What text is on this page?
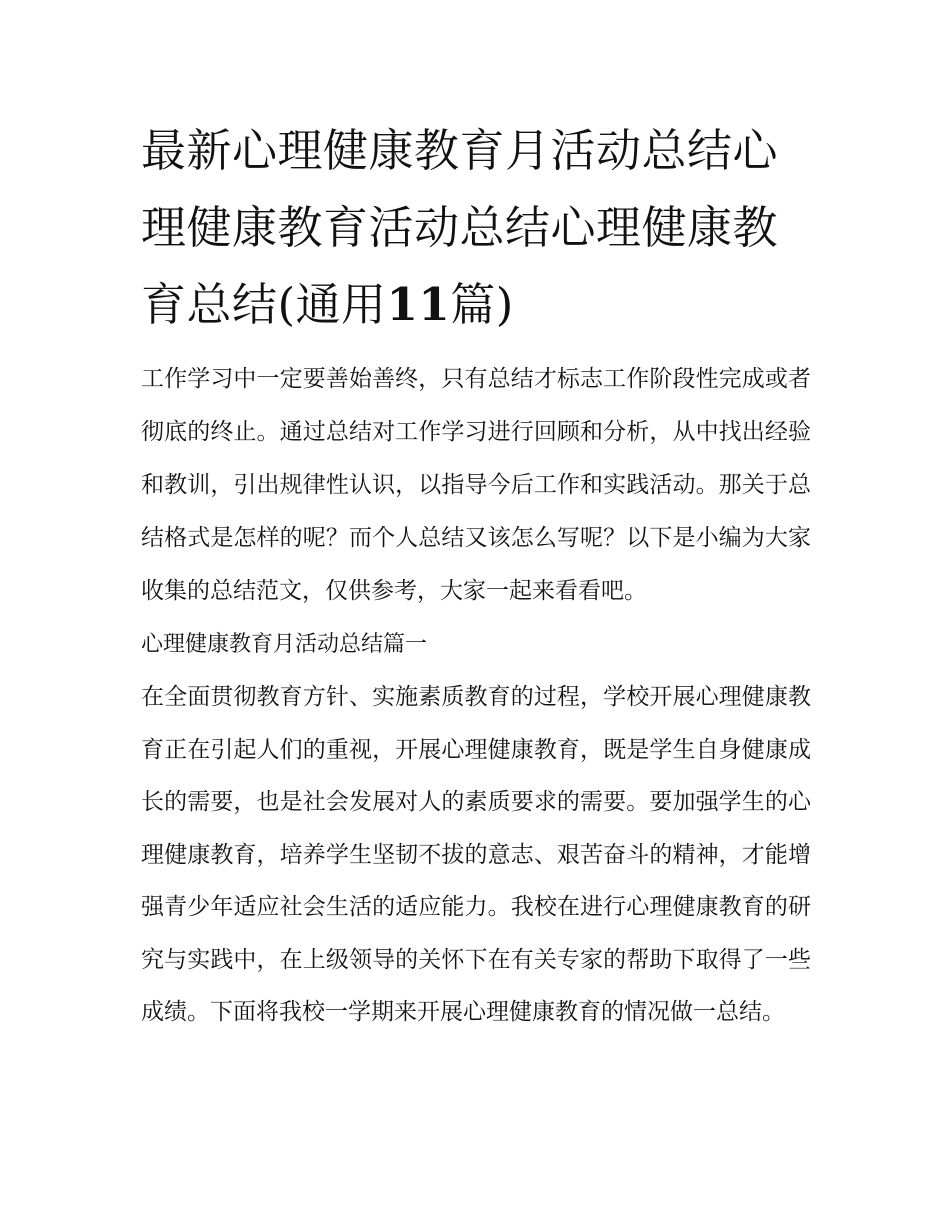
最新心理健康教育月活动总结心理健康教育活动总结心理健康教育总结(通用11篇)

工作学习中一定要善始善终，只有总结才标志工作阶段性完成或者彻底的终止。通过总结对工作学习进行回顾和分析，从中找出经验和教训，引出规律性认识，以指导今后工作和实践活动。那关于总结格式是怎样的呢？而个人总结又该怎么写呢？以下是小编为大家收集的总结范文，仅供参考，大家一起来看看吧。

心理健康教育月活动总结篇一

在全面贯彻教育方针、实施素质教育的过程，学校开展心理健康教育正在引起人们的重视，开展心理健康教育，既是学生自身健康成长的需要，也是社会发展对人的素质要求的需要。要加强学生的心理健康教育，培养学生坚韧不拔的意志、艰苦奋斗的精神，才能增强青少年适应社会生活的适应能力。我校在进行心理健康教育的研究与实践中，在上级领导的关怀下在有关专家的帮助下取得了一些成绩。下面将我校一学期来开展心理健康教育的情况做一总结。
